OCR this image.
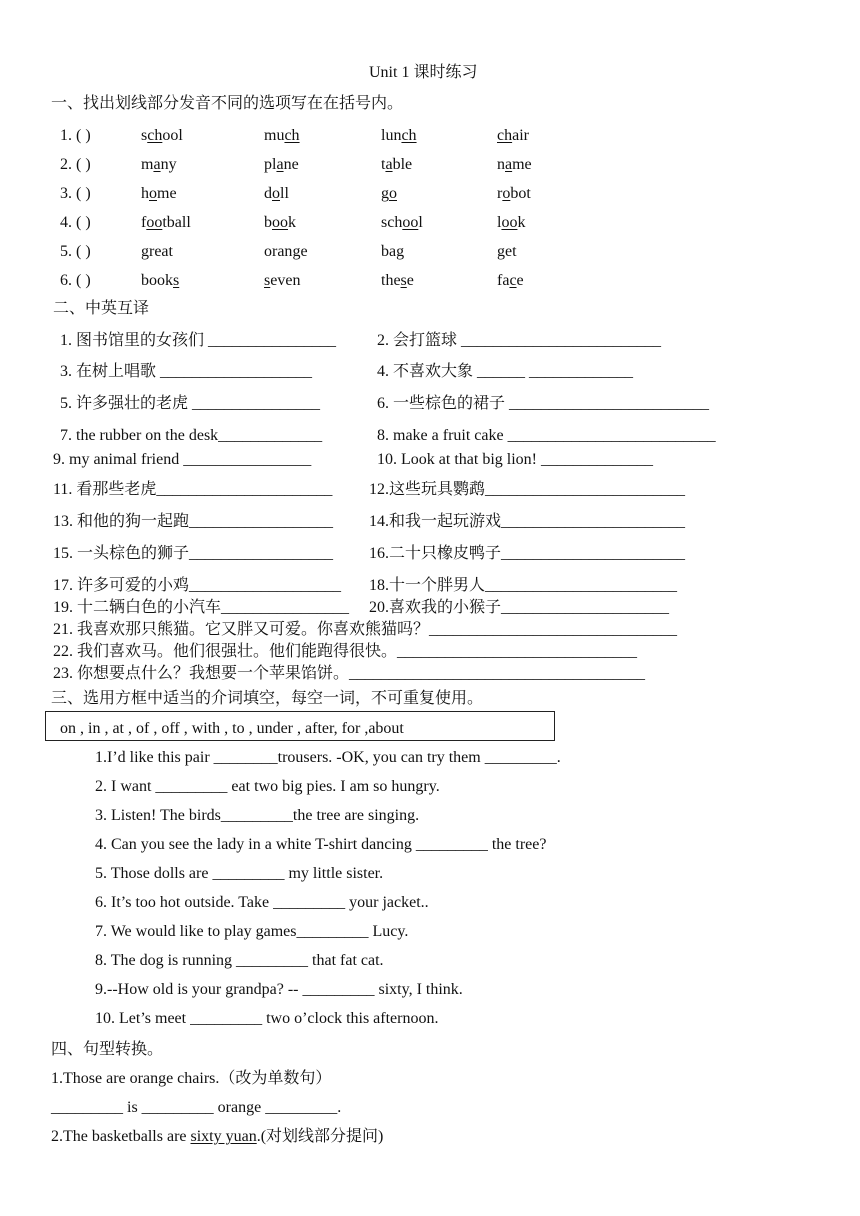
Unit 1 课时练习
一、找出划线部分发音不同的选项写在在括号内。
1. ( )	school	much	lunch	chair
2. ( )	many	plane	table	name
3. ( )	home	doll	go	robot
4. ( )	football	book	school	look
5. ( )	great	orange	bag	get
6. ( )	books	seven	these	face
二、中英互译
1. 图书馆里的女孩们 ________________	2. 会打篮球 _________________________
3. 在树上唱歌 ___________________	4. 不喜欢大象 ______ _____________
5. 许多强壮的老虎 ________________	6. 一些棕色的裙子 _________________________
7. the rubber on the desk_____________	8. make a fruit cake __________________________
9. my animal friend ________________	10. Look at that big lion! ______________
11. 看那些老虎______________________ 12.这些玩具鹦鹉_________________________
13. 和他的狗一起跑__________________ 14.和我一起玩游戏_______________________
15. 一头棕色的狮子__________________ 16.二十只橡皮鸭子_______________________
17. 许多可爱的小鸡___________________ 18.十一个胖男人________________________
19. 十二辆白色的小汽车________________ 20.喜欢我的小猴子_____________________
21. 我喜欢那只熊猫。它又胖又可爱。你喜欢熊猫吗？_______________________________
22. 我们喜欢马。他们很强壮。他们能跑得很快。______________________________
23. 你想要点什么？我想要一个苹果馅饼。_____________________________________
三、选用方框中适当的介词填空，每空一词，不可重复使用。
on , in , at , of , off , with , to , under , after, for ,about
1.I’d like this pair ________trousers. -OK, you can try them _________.
2. I want _________ eat two big pies. I am so hungry.
3. Listen! The birds_________the tree are singing.
4. Can you see the lady in a white T-shirt dancing _________ the tree?
5. Those dolls are _________ my little sister.
6. It’s too hot outside. Take _________ your jacket..
7. We would like to play games_________ Lucy.
8. The dog is running _________ that fat cat.
9.--How old is your grandpa? -- _________ sixty, I think.
10. Let’s meet _________ two o’clock this afternoon.
四、句型转换。
1.Those are orange chairs.（改为单数句）
_________ is _________ orange _________.
2.The basketballs are sixty yuan.(对划线部分提问)
